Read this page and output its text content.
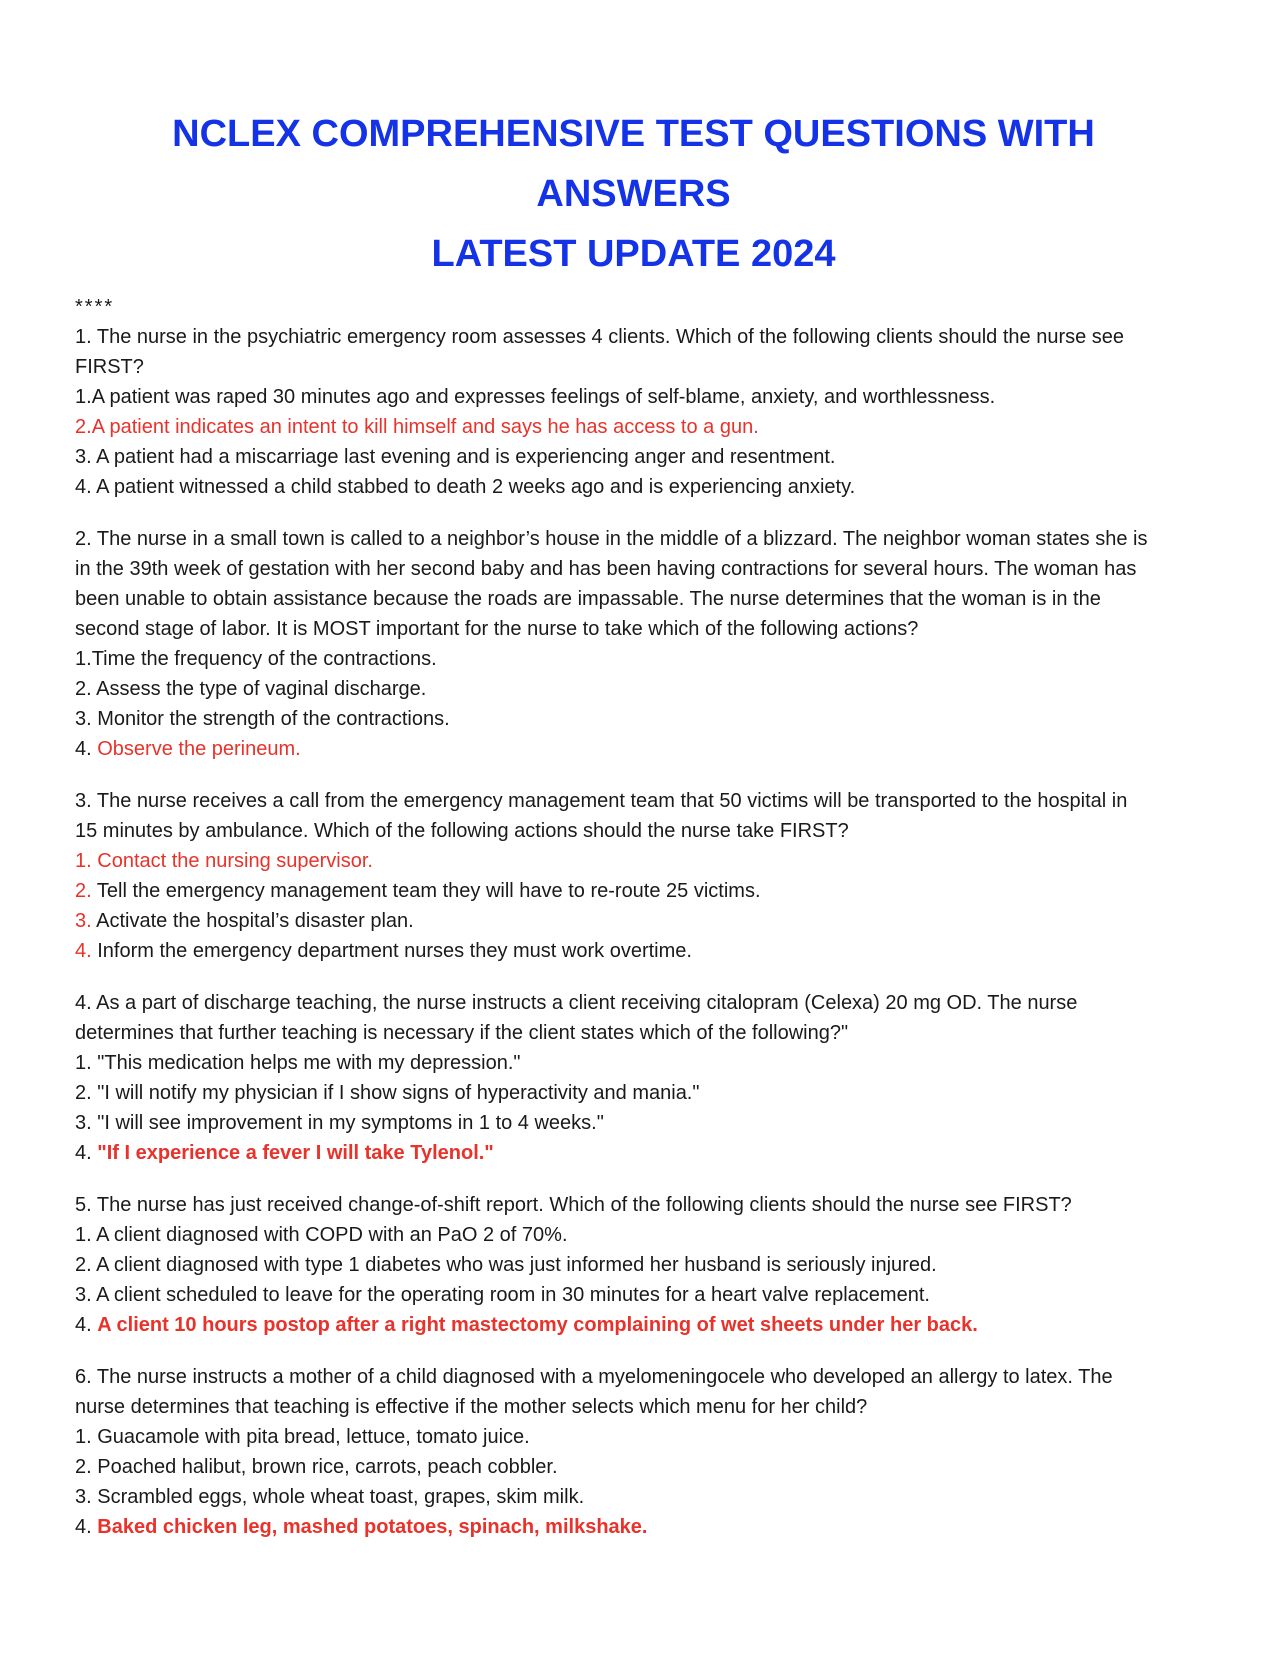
NCLEX COMPREHENSIVE TEST QUESTIONS WITH ANSWERS
LATEST UPDATE 2024
****

1. The nurse in the psychiatric emergency room assesses 4 clients. Which of the following clients should the nurse see

FIRST?

1.A patient was raped 30 minutes ago and expresses feelings of self-blame, anxiety, and worthlessness.
2.A patient indicates an intent to kill himself and says he has access to a gun.
3. A patient had a miscarriage last evening and is experiencing anger and resentment.
4. A patient witnessed a child stabbed to death 2 weeks ago and is experiencing anxiety.

2. The nurse in a small town is called to a neighbor’s house in the middle of a blizzard. The neighbor woman states she is

in the 39th week of gestation with her second baby and has been having contractions for several hours. The woman has

been unable to obtain assistance because the roads are impassable. The nurse determines that the woman is in the

second stage of labor. It is MOST important for the nurse to take which of the following actions?

1.Time the frequency of the contractions.
2. Assess the type of vaginal discharge.
3. Monitor the strength of the contractions.
4. Observe the perineum.

3. The nurse receives a call from the emergency management team that 50 victims will be transported to the hospital in

15 minutes by ambulance. Which of the following actions should the nurse take FIRST?

1. Contact the nursing supervisor.
2. Tell the emergency management team they will have to re-route 25 victims.
3. Activate the hospital’s disaster plan.
4. Inform the emergency department nurses they must work overtime.

4. As a part of discharge teaching, the nurse instructs a client receiving citalopram (Celexa) 20 mg OD. The nurse

determines that further teaching is necessary if the client states which of the following?"

1. "This medication helps me with my depression."
2. "I will notify my physician if I show signs of hyperactivity and mania."
3. "I will see improvement in my symptoms in 1 to 4 weeks."
4. "If I experience a fever I will take Tylenol."

5. The nurse has just received change-of-shift report. Which of the following clients should the nurse see FIRST?

1. A client diagnosed with COPD with an PaO 2 of 70%.
2. A client diagnosed with type 1 diabetes who was just informed her husband is seriously injured.
3. A client scheduled to leave for the operating room in 30 minutes for a heart valve replacement.
4. A client 10 hours postop after a right mastectomy complaining of wet sheets under her back.

6. The nurse instructs a mother of a child diagnosed with a myelomeningocele who developed an allergy to latex. The

nurse determines that teaching is effective if the mother selects which menu for her child?

1. Guacamole with pita bread, lettuce, tomato juice.
2. Poached halibut, brown rice, carrots, peach cobbler.
3. Scrambled eggs, whole wheat toast, grapes, skim milk.
4. Baked chicken leg, mashed potatoes, spinach, milkshake.
